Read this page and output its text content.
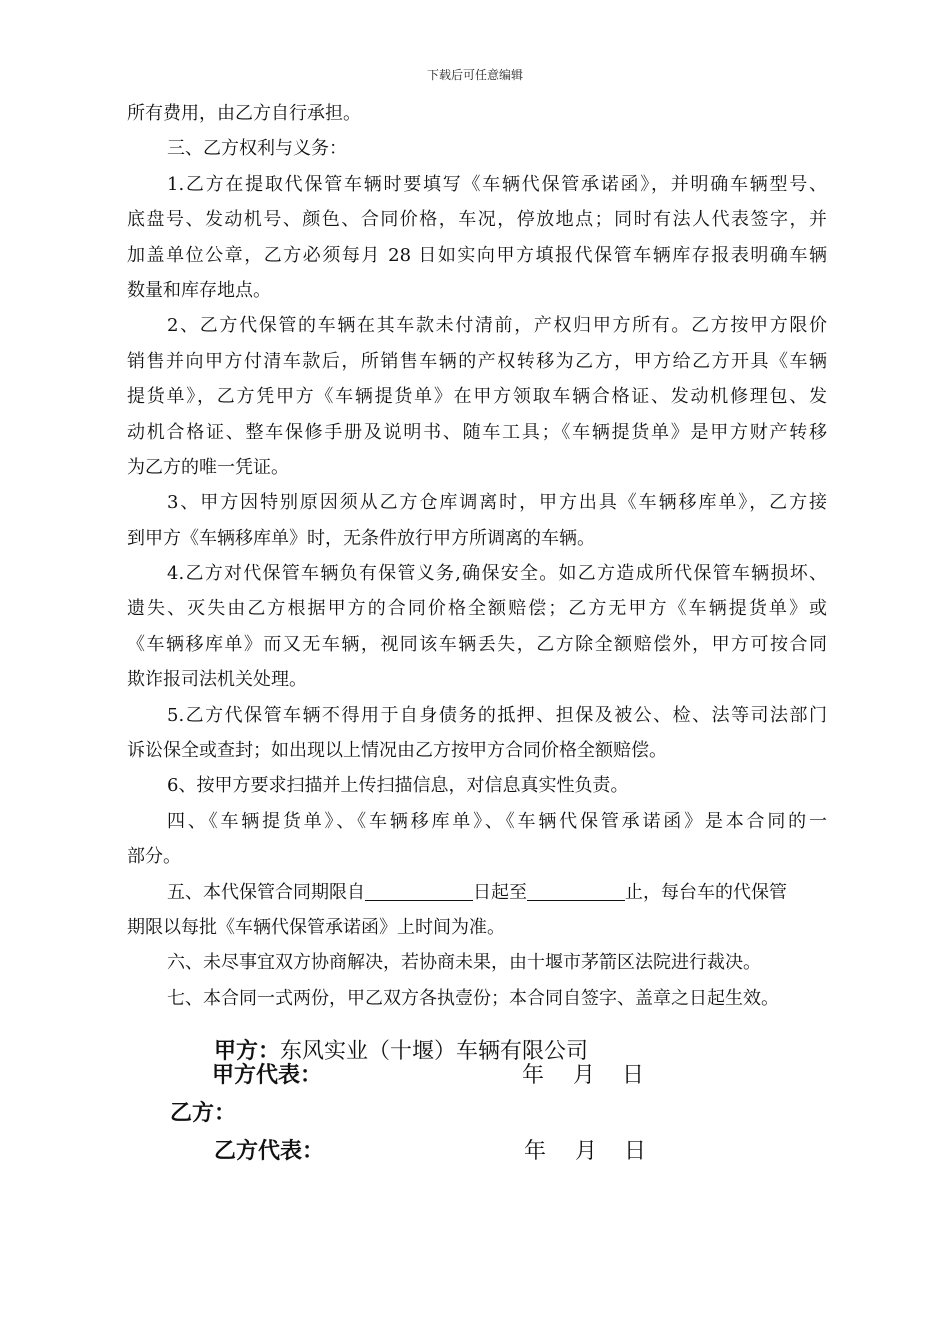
下载后可任意编辑
所有费用，由乙方自行承担。
三、乙方权利与义务：
1.乙方在提取代保管车辆时要填写《车辆代保管承诺函》，并明确车辆型号、
底盘号、发动机号、颜色、合同价格，车况，停放地点；同时有法人代表签字，并
加盖单位公章，乙方必须每月 28 日如实向甲方填报代保管车辆库存报表明确车辆
数量和库存地点。
2、乙方代保管的车辆在其车款未付清前，产权归甲方所有。乙方按甲方限价
销售并向甲方付清车款后，所销售车辆的产权转移为乙方，甲方给乙方开具《车辆
提货单》，乙方凭甲方《车辆提货单》在甲方领取车辆合格证、发动机修理包、发
动机合格证、整车保修手册及说明书、随车工具；《车辆提货单》是甲方财产转移
为乙方的唯一凭证。
3、甲方因特别原因须从乙方仓库调离时，甲方出具《车辆移库单》，乙方接
到甲方《车辆移库单》时，无条件放行甲方所调离的车辆。
4.乙方对代保管车辆负有保管义务,确保安全。如乙方造成所代保管车辆损坏、
遗失、灭失由乙方根据甲方的合同价格全额赔偿；乙方无甲方《车辆提货单》或
《车辆移库单》而又无车辆，视同该车辆丢失，乙方除全额赔偿外，甲方可按合同
欺诈报司法机关处理。
5.乙方代保管车辆不得用于自身债务的抵押、担保及被公、检、法等司法部门
诉讼保全或查封；如出现以上情况由乙方按甲方合同价格全额赔偿。
6、按甲方要求扫描并上传扫描信息，对信息真实性负责。
四、《车辆提货单》、《车辆移库单》、《车辆代保管承诺函》是本合同的一
部分。
五、本代保管合同期限自	日起至	止，每台车的代保管
期限以每批《车辆代保管承诺函》上时间为准。
六、未尽事宜双方协商解决，若协商未果，由十堰市茅箭区法院进行裁决。
七、本合同一式两份，甲乙双方各执壹份；本合同自签字、盖章之日起生效。
甲方：东风实业（十堰）车辆有限公司
甲方代表：	年 月 日
乙方：
乙方代表：	年 月 日
